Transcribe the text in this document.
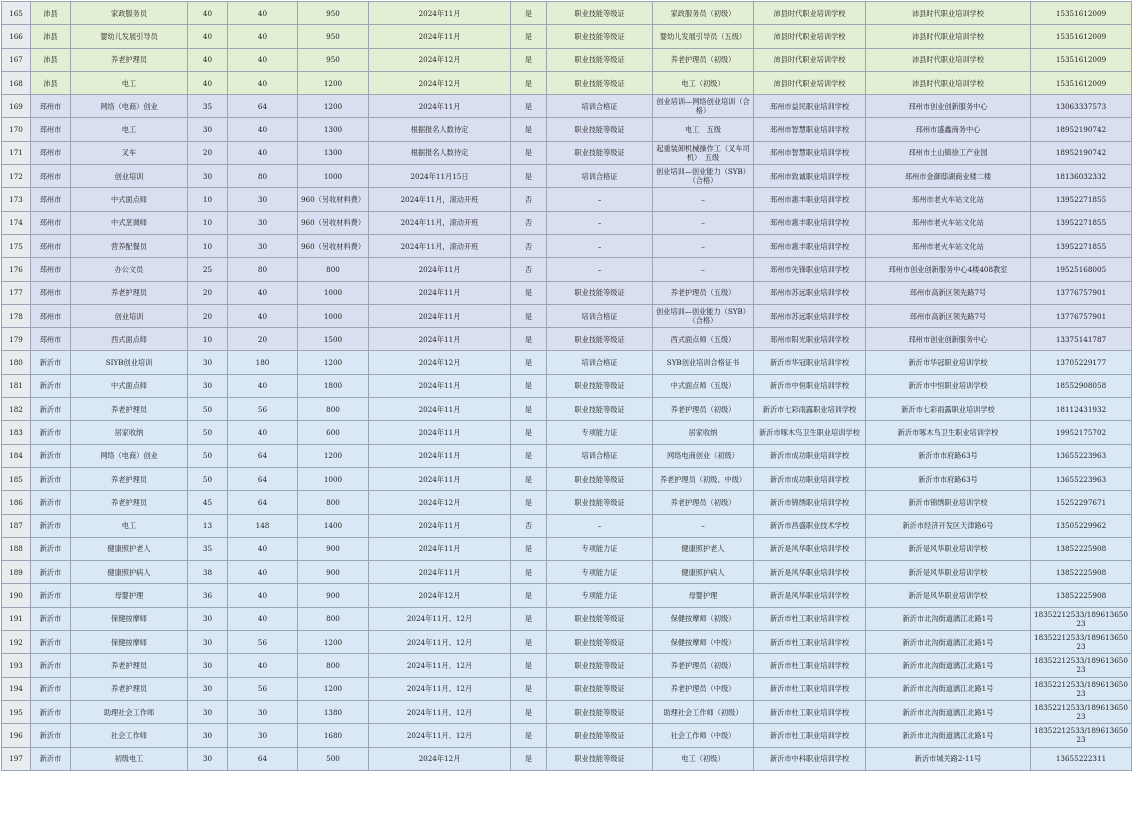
165	沛县	家政服务员	40	40	950	2024年11月	是	职业技能等级证	家政服务员（初级）	沛县时代职业培训学校	沛县时代职业培训学校	15351612009
166	沛县	婴幼儿发展引导员	40	40	950	2024年11月	是	职业技能等级证	婴幼儿发展引导员（五级）	沛县时代职业培训学校	沛县时代职业培训学校	15351612009
167	沛县	养老护理员	40	40	950	2024年12月	是	职业技能等级证	养老护理员（初级）	沛县时代职业培训学校	沛县时代职业培训学校	15351612009
168	沛县	电工	40	40	1200	2024年12月	是	职业技能等级证	电工（初级）	沛县时代职业培训学校	沛县时代职业培训学校	15351612009
169	邳州市	网络（电商）创业	35	64	1200	2024年11月	是	培训合格证	创业培训—网络创业培训（合格）	邳州市益民职业培训学校	邳州市创业创新服务中心	13063337573
170	邳州市	电工	30	40	1300	根据报名人数待定	是	职业技能等级证	电工　五级	邳州市智慧职业培训学校	邳州市盛鑫商务中心	18952190742
171	邳州市	叉车	20	40	1300	根据报名人数待定	是	职业技能等级证	起重装卸机械操作工（叉车司机）　五级	邳州市智慧职业培训学校	邳州市土山镇徐工产业园	18952190742
172	邳州市	创业培训	30	80	1000	2024年11月15日	是	培训合格证	创业培训—创业能力（SYB）（合格）	邳州市致诚职业培训学校	邳州市金御邸湖商业楼二楼	18136032332
173	邳州市	中式面点师	10	30	960（另收材料费）	2024年11月，滚动开班	否	–	–	邳州市惠丰职业培训学校	邳州市老火车站文化站	13952271855
174	邳州市	中式烹调师	10	30	960（另收材料费）	2024年11月，滚动开班	否	–	–	邳州市惠丰职业培训学校	邳州市老火车站文化站	13952271855
175	邳州市	营养配餐员	10	30	960（另收材料费）	2024年11月，滚动开班	否	–	–	邳州市惠丰职业培训学校	邳州市老火车站文化站	13952271855
176	邳州市	办公文员	25	80	800	2024年11月	否	–	–	邳州市先锋职业培训学校	邳州市创业创新服务中心4楼408教室	19525168005
177	邳州市	养老护理员	20	40	1000	2024年11月	是	职业技能等级证	养老护理员（五级）	邳州市苏远职业培训学校	邳州市高新区领先路7号	13776757901
178	邳州市	创业培训	20	40	1000	2024年11月	是	培训合格证	创业培训—创业能力（SYB）（合格）	邳州市苏远职业培训学校	邳州市高新区领先路7号	13776757901
179	邳州市	西式面点师	10	20	1500	2024年11月	是	职业技能等级证	西式面点师（五级）	邳州市阳光职业培训学校	邳州市创业创新服务中心	13375141787
180	新沂市	SIYB创业培训	30	180	1200	2024年12月	是	培训合格证	SYB创业培训合格证书	新沂市华冠职业培训学校	新沂市华冠职业培训学校	13705229177
181	新沂市	中式面点师	30	40	1800	2024年11月	是	职业技能等级证	中式面点师（五级）	新沂市中恒职业培训学校	新沂市中恒职业培训学校	18552908058
182	新沂市	养老护理员	50	56	800	2024年11月	是	职业技能等级证	养老护理员（初级）	新沂市七彩雨露职业培训学校	新沂市七彩雨露职业培训学校	18112431932
183	新沂市	居家收纳	50	40	600	2024年11月	是	专项能力证	居家收纳	新沂市啄木鸟卫生职业培训学校	新沂市啄木鸟卫生职业培训学校	19952175702
184	新沂市	网络（电商）创业	50	64	1200	2024年11月	是	培训合格证	网络电商创业（初级）	新沂市成功职业培训学校	新沂市市府路63号	13655223963
185	新沂市	养老护理员	50	64	1000	2024年11月	是	职业技能等级证	养老护理员（初级、中级）	新沂市成功职业培训学校	新沂市市府路63号	13655223963
186	新沂市	养老护理员	45	64	800	2024年12月	是	职业技能等级证	养老护理员（初级）	新沂市锦绣职业培训学校	新沂市锦绣职业培训学校	15252297671
187	新沂市	电工	13	148	1400	2024年11月	否	–	–	新沂市昌盛职业技术学校	新沂市经济开发区天津路6号	13505229962
188	新沂市	健康照护老人	35	40	900	2024年11月	是	专项能力证	健康照护老人	新沂是风华职业培训学校	新沂是风华职业培训学校	13852225908
189	新沂市	健康照护病人	38	40	900	2024年11月	是	专项能力证	健康照护病人	新沂是风华职业培训学校	新沂是风华职业培训学校	13852225908
190	新沂市	母婴护理	36	40	900	2024年12月	是	专项能力证	母婴护理	新沂是风华职业培训学校	新沂是风华职业培训学校	13852225908
191	新沂市	保健按摩师	30	40	800	2024年11月、12月	是	职业技能等级证	保健按摩师（初级）	新沂市杜工职业培训学校	新沂市北沟街道漓江北路1号	18352212533/18961365023
192	新沂市	保健按摩师	30	56	1200	2024年11月、12月	是	职业技能等级证	保健按摩师（中级）	新沂市杜工职业培训学校	新沂市北沟街道漓江北路1号	18352212533/18961365023
193	新沂市	养老护理员	30	40	800	2024年11月、12月	是	职业技能等级证	养老护理员（初级）	新沂市杜工职业培训学校	新沂市北沟街道漓江北路1号	18352212533/18961365023
194	新沂市	养老护理员	30	56	1200	2024年11月、12月	是	职业技能等级证	养老护理员（中级）	新沂市杜工职业培训学校	新沂市北沟街道漓江北路1号	18352212533/18961365023
195	新沂市	助理社会工作师	30	30	1380	2024年11月、12月	是	职业技能等级证	助理社会工作师（初级）	新沂市杜工职业培训学校	新沂市北沟街道漓江北路1号	18352212533/18961365023
196	新沂市	社会工作师	30	30	1680	2024年11月、12月	是	职业技能等级证	社会工作师（中级）	新沂市杜工职业培训学校	新沂市北沟街道漓江北路1号	18352212533/18961365023
197	新沂市	初级电工	30	64	500	2024年12月	是	职业技能等级证	电工（初级）	新沂市中科职业培训学校	新沂市城关路2-11号	13655222311
